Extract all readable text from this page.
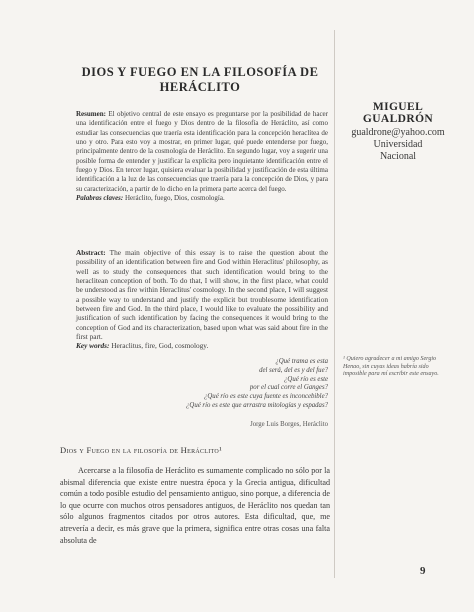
DIOS Y FUEGO EN LA FILOSOFÍA DE
HERÁCLITO
MIGUEL
GUALDRÓN
gualdrone@yahoo.com
Universidad
Nacional

Resumen: El objetivo central de este ensayo es preguntarse por la posibilidad de hacer una identificación entre el fuego y Dios dentro de la filosofía de Heráclito, así como estudiar las consecuencias que traería esta identificación para la concepción heraclítea de uno y otro. Para esto voy a mostrar, en primer lugar, qué puede entenderse por fuego, principalmente dentro de la cosmología de Heráclito. En segundo lugar, voy a sugerir una posible forma de entender y justificar la explícita pero inquietante identificación entre el fuego y Dios. En tercer lugar, quisiera evaluar la posibilidad y justificación de esta última identificación a la luz de las consecuencias que traería para la concepción de Dios, y para su caracterización, a partir de lo dicho en la primera parte acerca del fuego.

Palabras claves: Heráclito, fuego, Dios, cosmología.

Abstract: The main objective of this essay is to raise the question about the possibility of an identification between fire and God within Heraclitus' philosophy, as well as to study the consequences that such identification would bring to the heraclitean conception of both. To do that, I will show, in the first place, what could be understood as fire within Heraclitus' cosmology. In the second place, I will suggest a possible way to understand and justify the explicit but troublesome identification between fire and God. In the third place, I would like to evaluate the possibility and justification of such identification by facing the consequences it would bring to the conception of God and its characterization, based upon what was said about fire in the first part.

Key words: Heraclitus, fire, God, cosmology.

¿Qué trama es esta
del será, del es y del fue?
¿Qué río es este
por el cual corre el Ganges?
¿Qué río es este cuya fuente es inconcebible?
¿Qué río es este que arrastra mitologías y espadas?
Jorge Luis Borges, Heráclito
¹ Quiero agradecer a mi amigo Sergio Henao, sin cuyas ideas habría sido imposible para mí escribir este ensayo.
Dios y Fuego en la filosofía de Heráclito¹

Acercarse a la filosofía de Heráclito es sumamente complicado no sólo por la abismal diferencia que existe entre nuestra época y la Grecia antigua, dificultad común a todo posible estudio del pensamiento antiguo, sino porque, a diferencia de lo que ocurre con muchos otros pensadores antiguos, de Heráclito nos quedan tan sólo algunos fragmentos citados por otros autores. Esta dificultad, que, me atrevería a decir, es más grave que la primera, significa entre otras cosas una falta absoluta de

9
